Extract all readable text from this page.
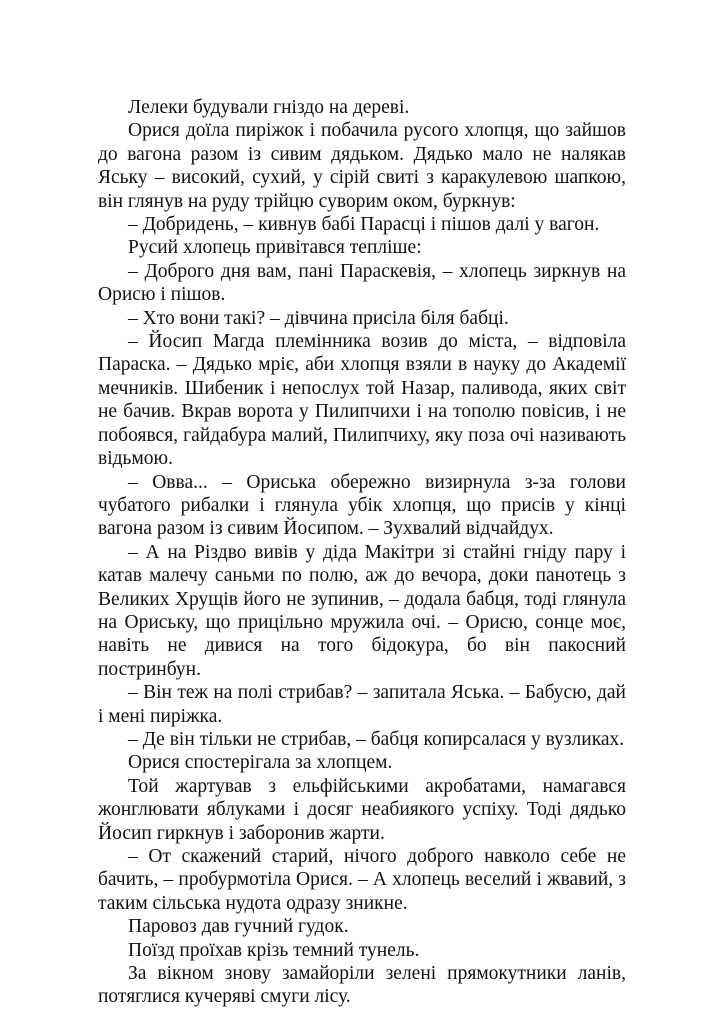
Лелеки будували гніздо на дереві.

Орися доїла пиріжок і побачила русого хлопця, що зайшов до вагона разом із сивим дядьком. Дядько мало не налякав Яську – високий, сухий, у сірій свиті з каракулевою шапкою, він глянув на руду трійцю суворим оком, буркнув:

– Добридень, – кивнув бабі Парасці і пішов далі у вагон.

Русий хлопець привітався тепліше:

– Доброго дня вам, пані Параскевія, – хлопець зиркнув на Орисю і пішов.

– Хто вони такі? – дівчина присіла біля бабці.

– Йосип Магда племінника возив до міста, – відповіла Параска. – Дядько мріє, аби хлопця взяли в науку до Академії мечників. Шибеник і непослух той Назар, паливода, яких світ не бачив. Вкрав ворота у Пилипчихи і на тополю повісив, і не побоявся, гайдабура малий, Пилипчиху, яку поза очі називають відьмою.

– Овва... – Ориська обережно визирнула з-за голови чубатого рибалки і глянула убік хлопця, що присів у кінці вагона разом із сивим Йосипом. – Зухвалий відчайдух.

– А на Різдво вивів у діда Макітри зі стайні гніду пару і катав малечу саньми по полю, аж до вечора, доки панотець з Великих Хрущів його не зупинив, – додала бабця, тоді глянула на Ориську, що прицільно мружила очі. – Орисю, сонце моє, навіть не дивися на того бідокура, бо він пакосний постринбун.

– Він теж на полі стрибав? – запитала Яська. – Бабусю, дай і мені пиріжка.

– Де він тільки не стрибав, – бабця копирсалася у вузликах.

Орися спостерігала за хлопцем.

Той жартував з ельфійськими акробатами, намагався жонглювати яблуками і досяг неабиякого успіху. Тоді дядько Йосип гиркнув і заборонив жарти.

– От скажений старий, нічого доброго навколо себе не бачить, – пробурмотіла Орися. – А хлопець веселий і жвавий, з таким сільська нудота одразу зникне.

Паровоз дав гучний гудок.

Поїзд проїхав крізь темний тунель.

За вікном знову замайоріли зелені прямокутники ланів, потяглися кучеряві смуги лісу.
